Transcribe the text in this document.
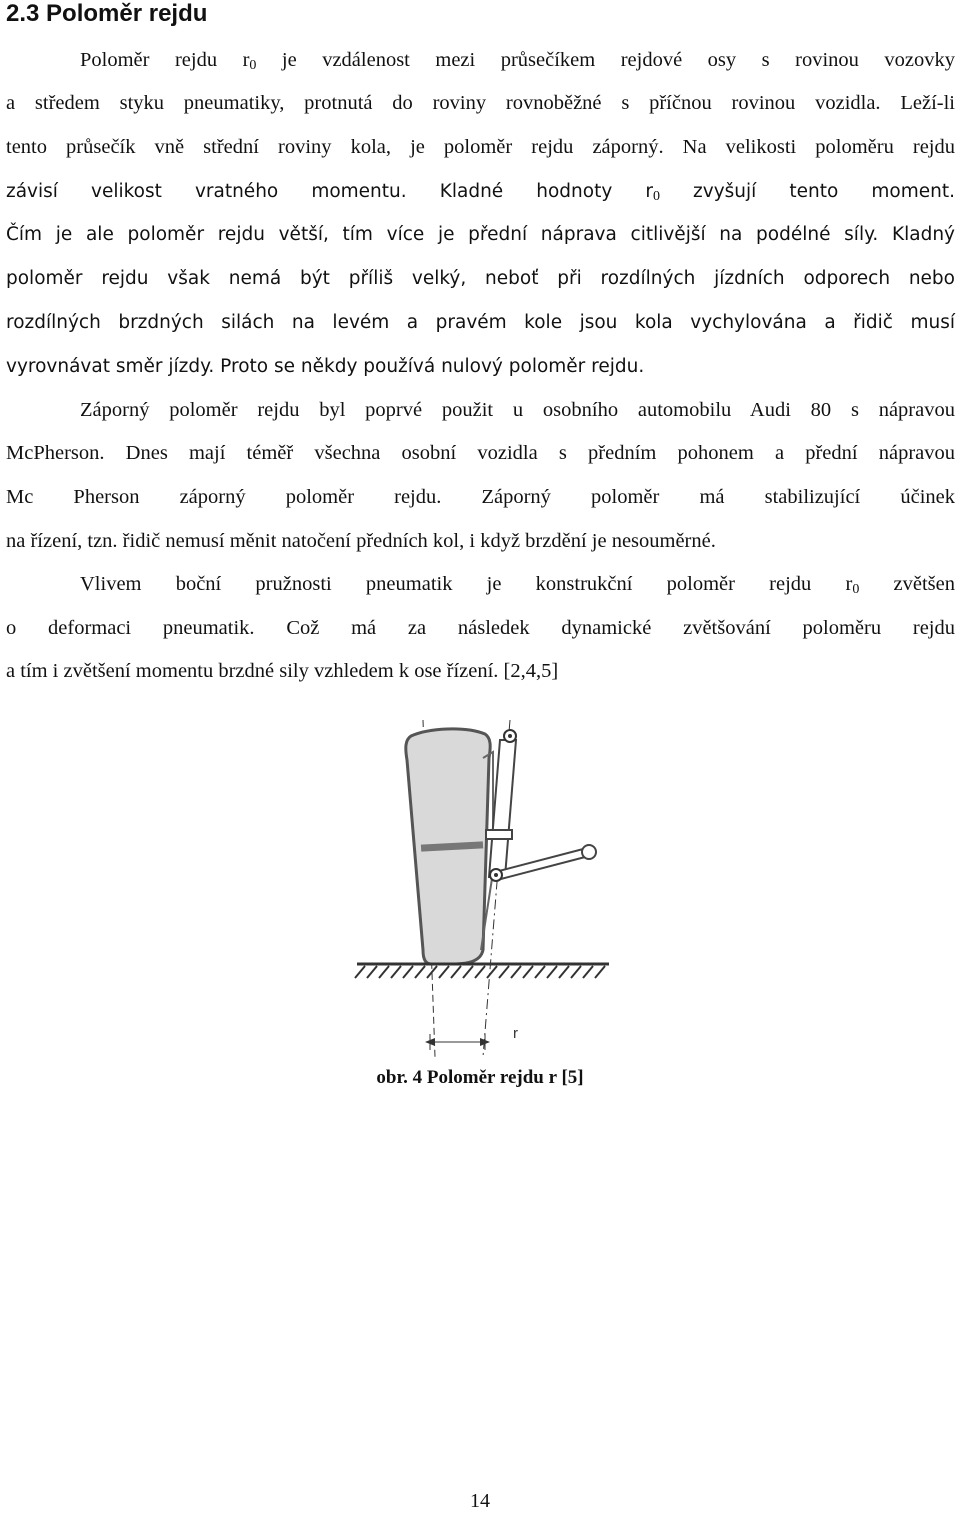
2.3 Poloměr rejdu

Poloměr rejdu $r_0$ je vzdálenost mezi průsečíkem rejdové osy s rovinou vozovky

a středem styku pneumatiky, protnutá do roviny rovnoběžné s příčnou rovinou vozidla. Leží-li

tento průsečík vně střední roviny kola, je poloměr rejdu záporný. Na velikosti poloměru rejdu

závisí velikost vratného momentu. Kladné hodnoty $r_0$ zvyšují tento moment.

Čím je ale poloměr rejdu větší, tím více je přední náprava citlivější na podélné síly. Kladný

poloměr rejdu však nemá být příliš velký, neboť při rozdílných jízdních odporech nebo

rozdílných brzdných silách na levém a pravém kole jsou kola vychylována a řidič musí

vyrovnávat směr jízdy. Proto se někdy používá nulový poloměr rejdu.

Záporný poloměr rejdu byl poprvé použit u osobního automobilu Audi 80 s nápravou

McPherson. Dnes mají téměř všechna osobní vozidla s předním pohonem a přední nápravou

Mc Pherson záporný poloměr rejdu. Záporný poloměr má stabilizující účinek

na řízení, tzn. řidič nemusí měnit natočení předních kol, i když brzdění je nesouměrné.

Vlivem boční pružnosti pneumatik je konstrukční poloměr rejdu $r_0$ zvětšen

o deformaci pneumatik. Což má za následek dynamické zvětšování poloměru rejdu

a tím i zvětšení momentu brzdné sily vzhledem k ose řízení. [2,4,5]

r
obr. 4 Poloměr rejdu r [5]
14
